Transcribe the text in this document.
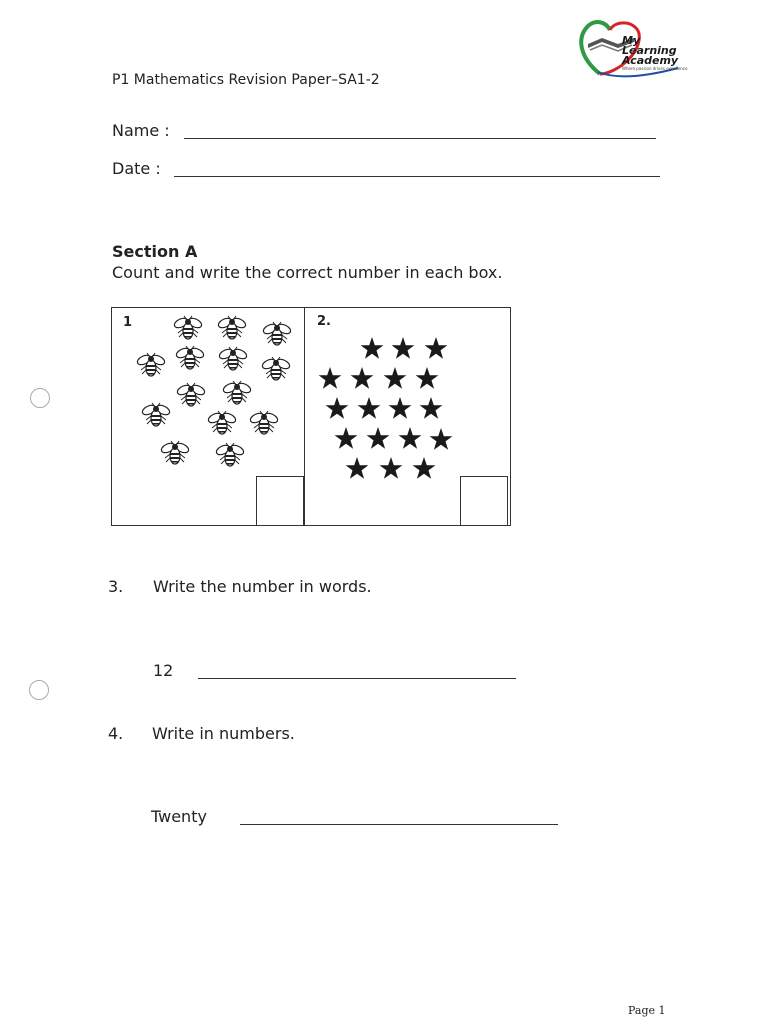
My
Learning
Academy
Where passion drives excellence
P1 Mathematics Revision Paper–SA1-2
Name :
Date :
Section A
Count and write the correct number in each box.
1	2.
3. Write the number in words.
12
4. Write in numbers.
Twenty
Page 1
